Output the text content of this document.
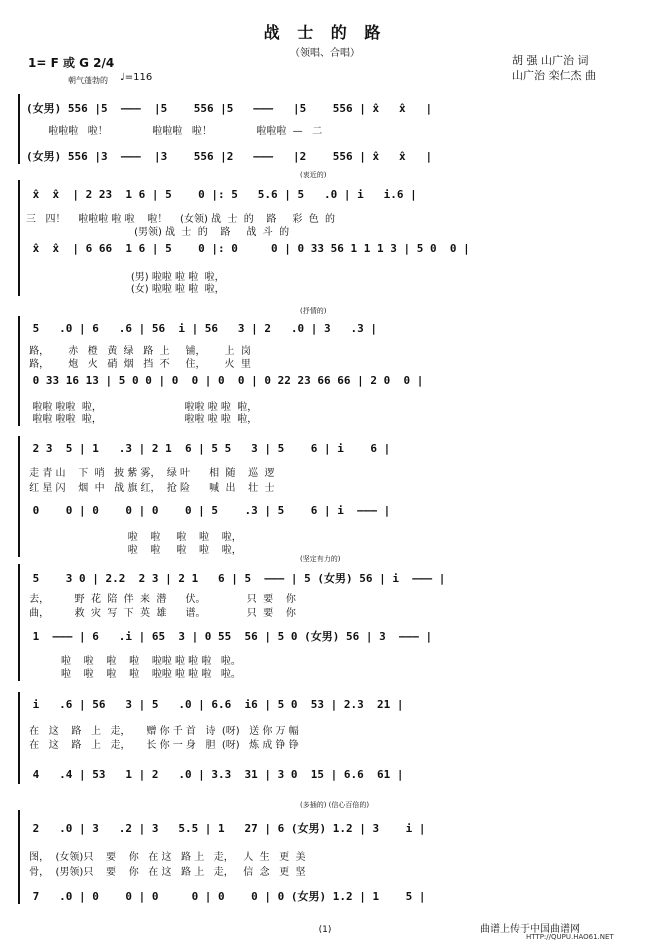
战 士 的 路
（领唱、合唱）
1= F 或 G 2/4
朝气蓬勃的 ♩=116
胡 强 山广治 词
山广治 栾仁杰 曲
(女男) 556 |5  ———  |5    556 |5   ———   |5    556 | x̂   x̂   |
啦啦啦   啦！              啦啦啦   啦！              啦啦啦  —   二
(女男) 556 |3  ———  |3    556 |2   ———   |2    556 | x̂   x̂   |
x̂  x̂  | 2 23  1 6 | 5    0 |: 5   5.6 | 5   .0 | i   i.6 |
三   四！    啦啦啦 啦 啦    啦！    (女领) 战  士  的    路     彩  色  的
(男领) 战  士  的    路     战  斗  的
x̂  x̂  | 6 66  1 6 | 5    0 |: 0     0 | 0 33 56 1 1 1 3 | 5 0  0 |
(男) 啦啦 啦 啦  啦，
(女) 啦啦 啦 啦  啦，
(衷近的)
5   .0 | 6   .6 | 56  i | 56   3 | 2   .0 | 3   .3 |
路，      赤   橙   黄  绿   路  上     铺，      上  岗
路，      炮   火   硝  烟   挡  不     住，      火  里
0 33 16 13 | 5 0 0 | 0  0 | 0  0 | 0 22 23 66 66 | 2 0  0 |
啦啦 啦啦  啦，                          啦啦 啦 啦  啦，
啦啦 啦啦  啦，                          啦啦 啦 啦  啦，
(抒情的)
2 3  5 | 1   .3 | 2 1  6 | 5 5   3 | 5    6 | i    6 |
走 青 山    下  哨   披 紫 雾，  绿 叶      相  随    巡  逻
红 星 闪    烟  中   战 旗 红，  抢 险      喊  出    壮  士
0    0 | 0    0 | 0    0 | 5    .3 | 5    6 | i  ——— |
啦    啦     啦    啦    啦，
啦    啦     啦    啦    啦，
5    3 0 | 2.2  2 3 | 2 1   6 | 5  ——— | 5 (女男) 56 | i  ——— |
去，        野  花  陪  伴  来  潜      伏。             只  要    你
曲，        救  灾  写  下  英  雄      谱。             只  要    你
1  ——— | 6   .i | 65  3 | 0 55  56 | 5 0 (女男) 56 | 3  ——— |
啦    啦    啦    啦    啦啦 啦 啦 啦   啦。
啦    啦    啦    啦    啦啦 啦 啦 啦   啦。
(坚定有力的)
i   .6 | 56   3 | 5   .0 | 6.6  i6 | 5 0  53 | 2.3  21 |
在   这    路   上   走，     赠 你 千 首   诗  (呀)   送 你 万 幅
在   这    路   上   走，     长 你 一 身   胆  (呀)   炼 成 铮 铮
4   .4 | 53   1 | 2   .0 | 3.3  31 | 3 0  15 | 6.6  61 |
2   .0 | 3   .2 | 3   5.5 | 1   27 | 6 (女男) 1.2 | 3    i |
图，  (女领)只    要    你   在 这   路 上   走，   人  生   更  美
骨，  (男领)只    要    你   在 这   路 上   走，   信  念   更  坚
7   .0 | 0    0 | 0     0 | 0    0 | 0 (女男) 1.2 | 1    5 |
(多插的) (信心百倍的)
(1)	曲谱上传于中国曲谱网
HTTP://QUPU.HAO61.NET
